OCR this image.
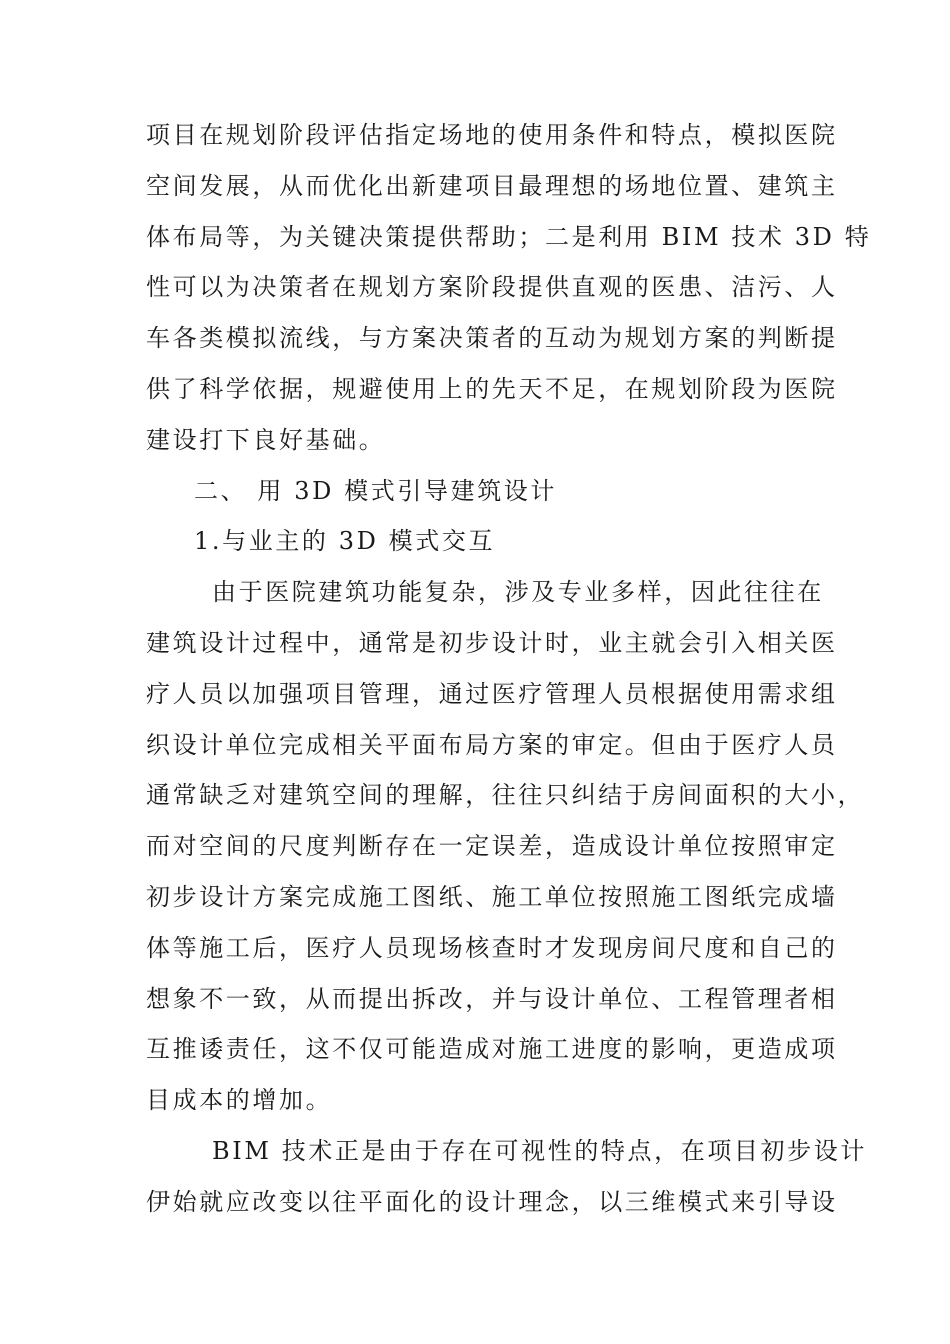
项目在规划阶段评估指定场地的使用条件和特点，模拟医院
空间发展，从而优化出新建项目最理想的场地位置、建筑主
体布局等，为关键决策提供帮助；二是利用 BIM 技术 3D 特
性可以为决策者在规划方案阶段提供直观的医患、洁污、人
车各类模拟流线，与方案决策者的互动为规划方案的判断提
供了科学依据，规避使用上的先天不足，在规划阶段为医院
建设打下良好基础。
二、 用 3D 模式引导建筑设计
1.与业主的 3D 模式交互
由于医院建筑功能复杂，涉及专业多样，因此往往在
建筑设计过程中，通常是初步设计时，业主就会引入相关医
疗人员以加强项目管理，通过医疗管理人员根据使用需求组
织设计单位完成相关平面布局方案的审定。但由于医疗人员
通常缺乏对建筑空间的理解，往往只纠结于房间面积的大小，
而对空间的尺度判断存在一定误差，造成设计单位按照审定
初步设计方案完成施工图纸、施工单位按照施工图纸完成墙
体等施工后，医疗人员现场核查时才发现房间尺度和自己的
想象不一致，从而提出拆改，并与设计单位、工程管理者相
互推诿责任，这不仅可能造成对施工进度的影响，更造成项
目成本的增加。
BIM 技术正是由于存在可视性的特点，在项目初步设计
伊始就应改变以往平面化的设计理念，以三维模式来引导设
